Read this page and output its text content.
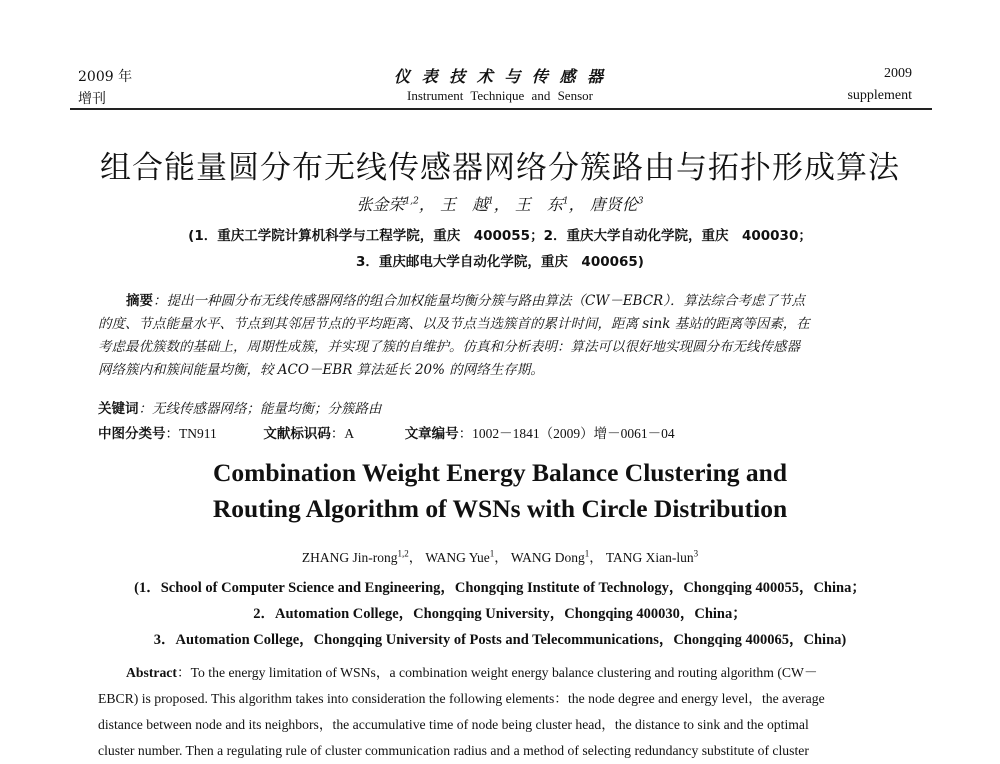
2009 年
增刊
仪 表 技 术 与 传 感 器
Instrument Technique and Sensor
2009
supplement
组合能量圆分布无线传感器网络分簇路由与拓扑形成算法
张金荣$^{1,2}$， 王　越$^1$， 王　东$^1$， 唐贤伦$^3$
(1．重庆工学院计算机科学与工程学院，重庆　400055；2．重庆大学自动化学院，重庆　400030；
3．重庆邮电大学自动化学院，重庆　400065)
摘要：提出一种圆分布无线传感器网络的组合加权能量均衡分簇与路由算法（CW－EBCR）．算法综合考虑了节点
的度、节点能量水平、节点到其邻居节点的平均距离、以及节点当选簇首的累计时间，距离 sink 基站的距离等因素，在
考虑最优簇数的基础上，周期性成簇，并实现了簇的自维护。仿真和分析表明：算法可以很好地实现圆分布无线传感器
网络簇内和簇间能量均衡，较 ACO－EBR 算法延长 20% 的网络生存期。
关键词：无线传感器网络；能量均衡；分簇路由
中图分类号：TN911	文献标识码：A	文章编号：1002－1841（2009）增－0061－04
Combination Weight Energy Balance Clustering and
Routing Algorithm of WSNs with Circle Distribution
ZHANG Jin-rong$^{1,2}$， WANG Yue$^1$， WANG Dong$^1$， TANG Xian-lun$^3$
(1．School of Computer Science and Engineering，Chongqing Institute of Technology，Chongqing 400055，China；
2．Automation College，Chongqing University，Chongqing 400030，China；
3．Automation College，Chongqing University of Posts and Telecommunications，Chongqing 400065，China)
Abstract：To the energy limitation of WSNs，a combination weight energy balance clustering and routing algorithm (CW－
EBCR) is proposed. This algorithm takes into consideration the following elements：the node degree and energy level，the average
distance between node and its neighbors，the accumulative time of node being cluster head，the distance to sink and the optimal
cluster number. Then a regulating rule of cluster communication radius and a method of selecting redundancy substitute of cluster
